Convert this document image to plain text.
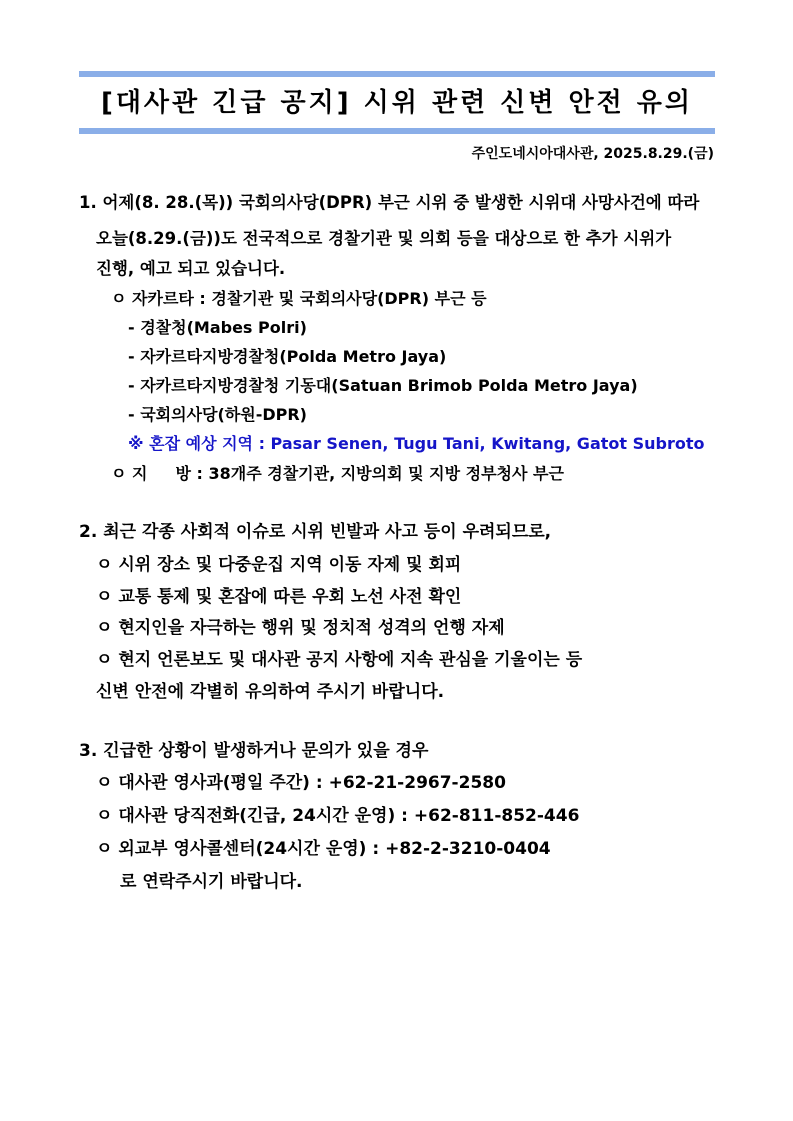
[대사관 긴급 공지] 시위 관련 신변 안전 유의
주인도네시아대사관, 2025.8.29.(금)
1. 어제(8. 28.(목)) 국회의사당(DPR) 부근 시위 중 발생한 시위대 사망사건에 따라
오늘(8.29.(금))도 전국적으로 경찰기관 및 의회 등을 대상으로 한 추가 시위가
진행, 예고 되고 있습니다.
ㅇ 자카르타 : 경찰기관 및 국회의사당(DPR) 부근 등
- 경찰청(Mabes Polri)
- 자카르타지방경찰청(Polda Metro Jaya)
- 자카르타지방경찰청 기동대(Satuan Brimob Polda Metro Jaya)
- 국회의사당(하원-DPR)
※ 혼잡 예상 지역 : Pasar Senen, Tugu Tani, Kwitang, Gatot Subroto
ㅇ 지 방 : 38개주 경찰기관, 지방의회 및 지방 정부청사 부근
2. 최근 각종 사회적 이슈로 시위 빈발과 사고 등이 우려되므로,
ㅇ 시위 장소 및 다중운집 지역 이동 자제 및 회피
ㅇ 교통 통제 및 혼잡에 따른 우회 노선 사전 확인
ㅇ 현지인을 자극하는 행위 및 정치적 성격의 언행 자제
ㅇ 현지 언론보도 및 대사관 공지 사항에 지속 관심을 기울이는 등
신변 안전에 각별히 유의하여 주시기 바랍니다.
3. 긴급한 상황이 발생하거나 문의가 있을 경우
ㅇ 대사관 영사과(평일 주간) : +62-21-2967-2580
ㅇ 대사관 당직전화(긴급, 24시간 운영) : +62-811-852-446
ㅇ 외교부 영사콜센터(24시간 운영) : +82-2-3210-0404
로 연락주시기 바랍니다.
